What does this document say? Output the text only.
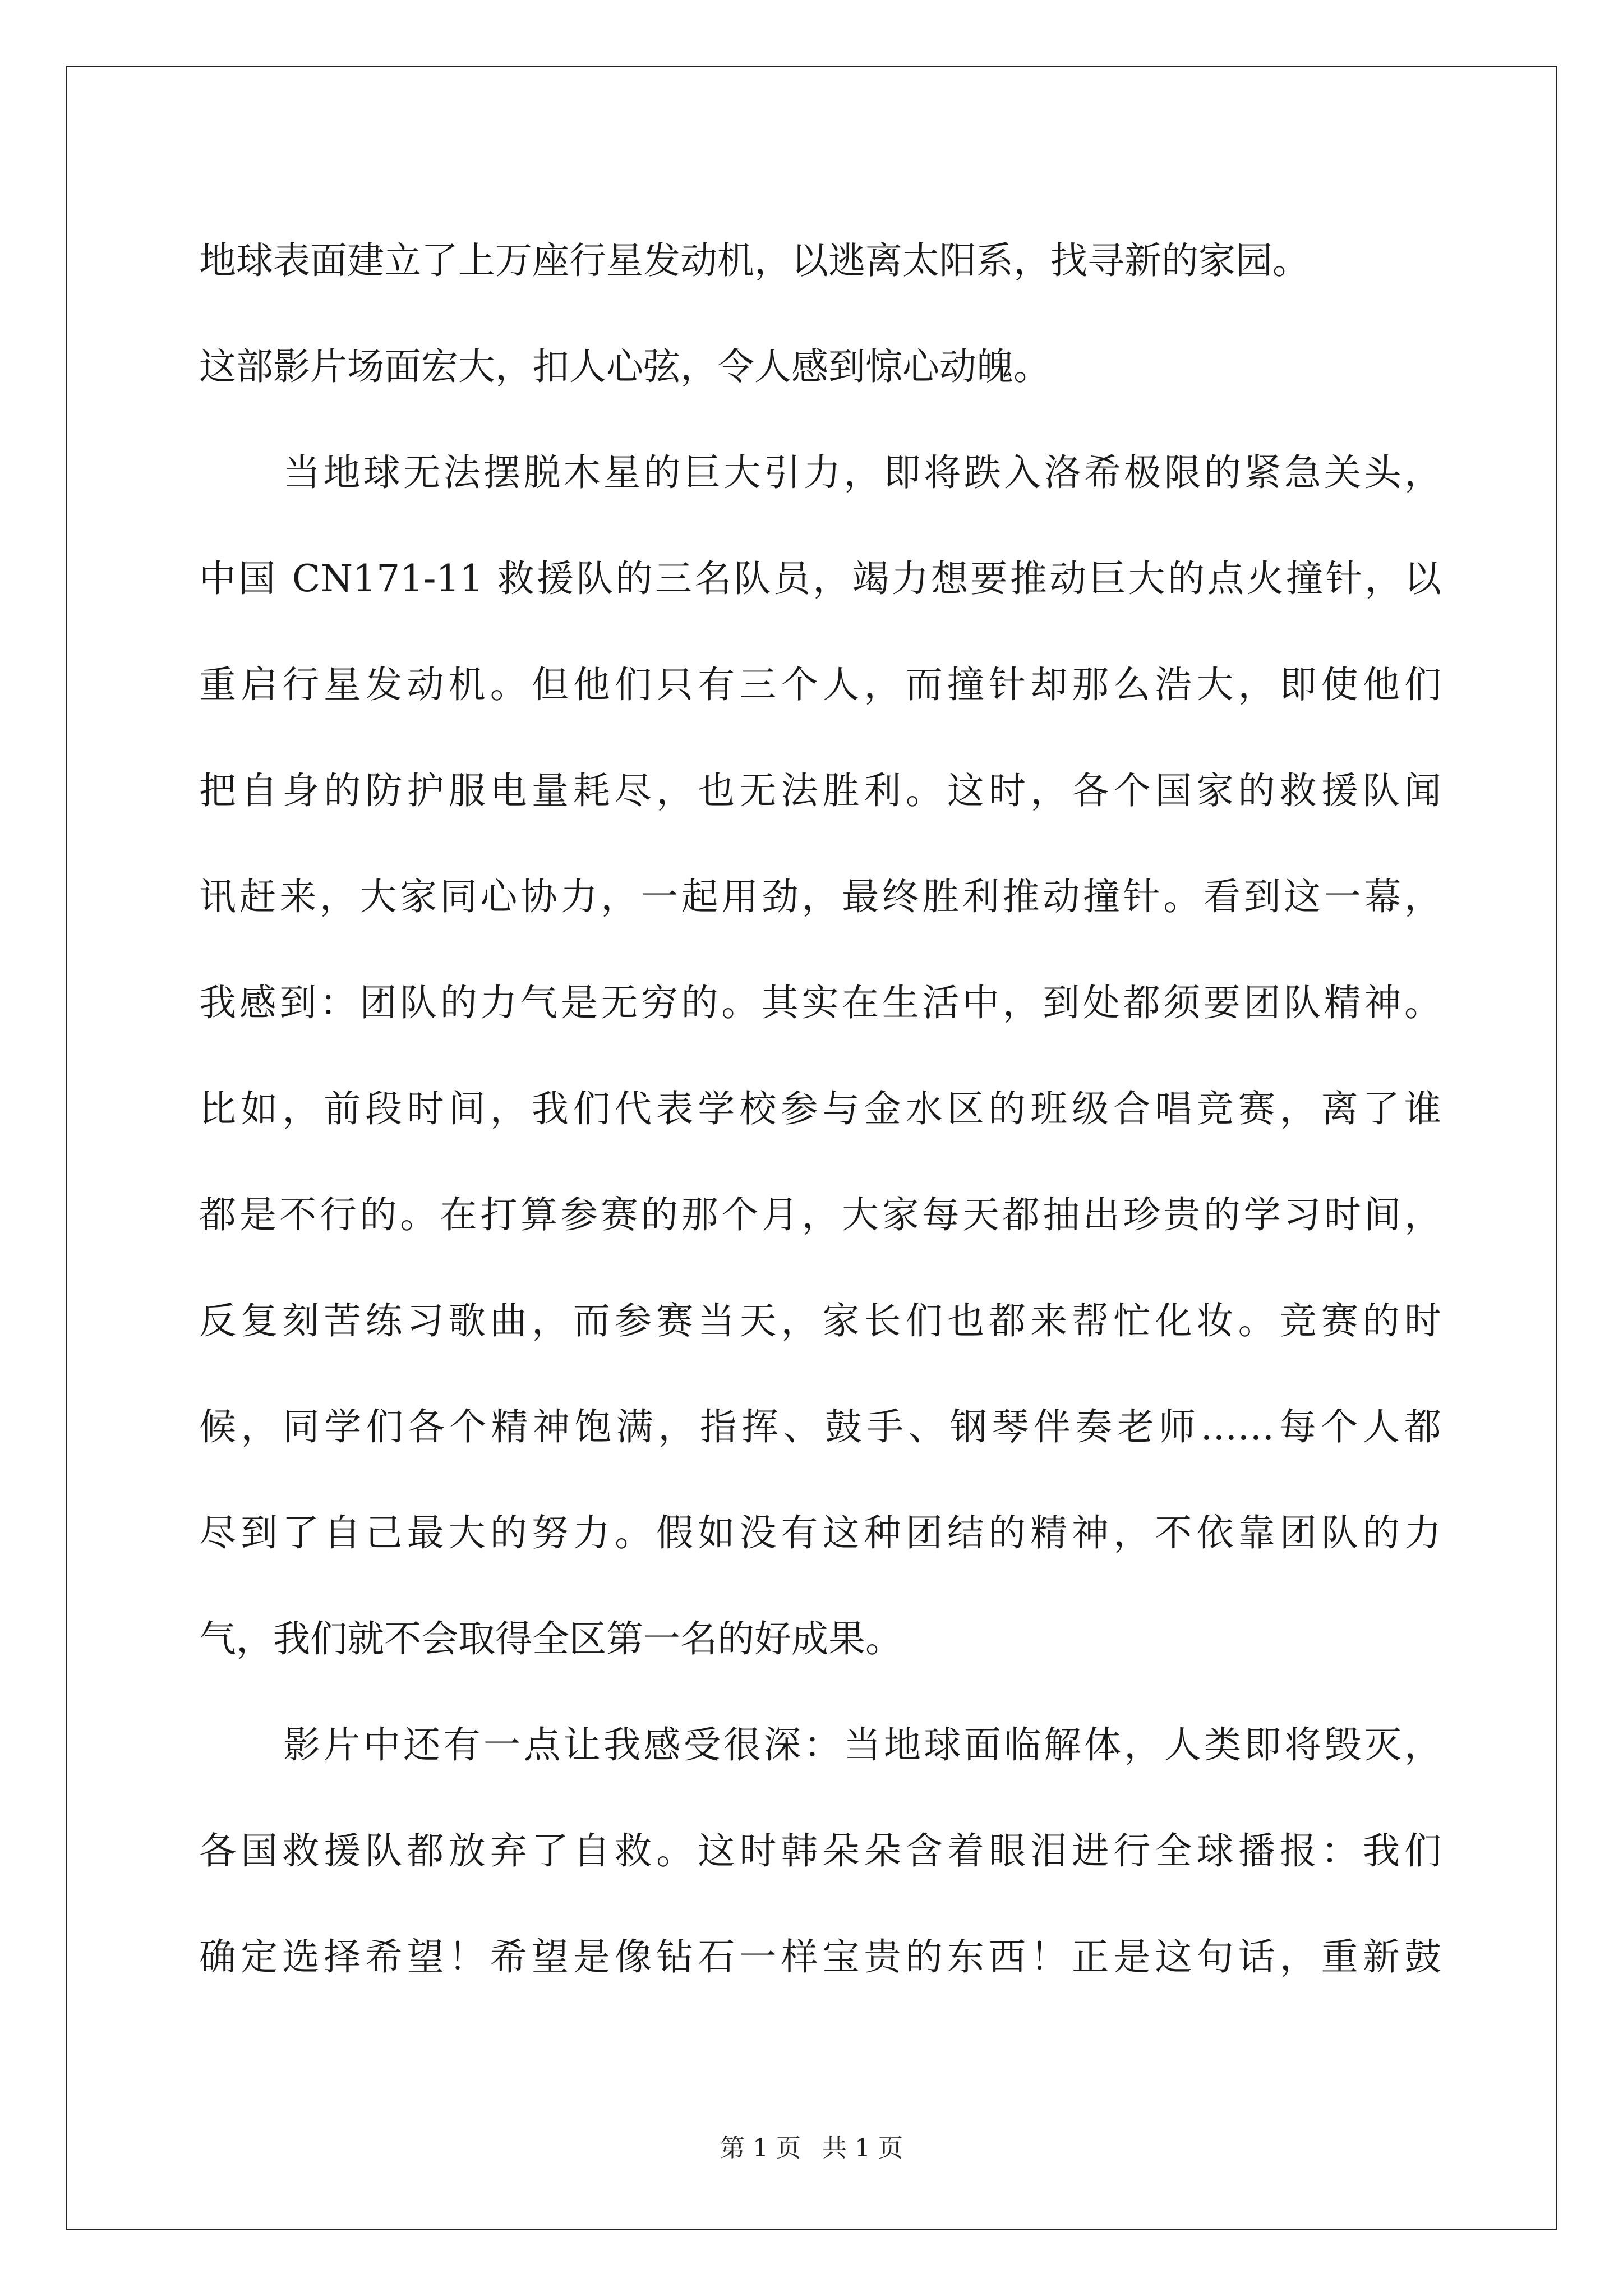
地球表面建立了上万座行星发动机，以逃离太阳系，找寻新的家园。
这部影片场面宏大，扣人心弦，令人感到惊心动魄。
当地球无法摆脱木星的巨大引力，即将跌入洛希极限的紧急关头，
中国 CN171-11 救援队的三名队员，竭力想要推动巨大的点火撞针，以
重启行星发动机。但他们只有三个人，而撞针却那么浩大，即使他们
把自身的防护服电量耗尽，也无法胜利。这时，各个国家的救援队闻
讯赶来，大家同心协力，一起用劲，最终胜利推动撞针。看到这一幕，
我感到：团队的力气是无穷的。其实在生活中，到处都须要团队精神。
比如，前段时间，我们代表学校参与金水区的班级合唱竞赛，离了谁
都是不行的。在打算参赛的那个月，大家每天都抽出珍贵的学习时间，
反复刻苦练习歌曲，而参赛当天，家长们也都来帮忙化妆。竞赛的时
候，同学们各个精神饱满，指挥、鼓手、钢琴伴奏老师……每个人都
尽到了自己最大的努力。假如没有这种团结的精神，不依靠团队的力
气，我们就不会取得全区第一名的好成果。
影片中还有一点让我感受很深：当地球面临解体，人类即将毁灭，
各国救援队都放弃了自救。这时韩朵朵含着眼泪进行全球播报：我们
确定选择希望！希望是像钻石一样宝贵的东西！正是这句话，重新鼓
第 1 页 共 1 页
